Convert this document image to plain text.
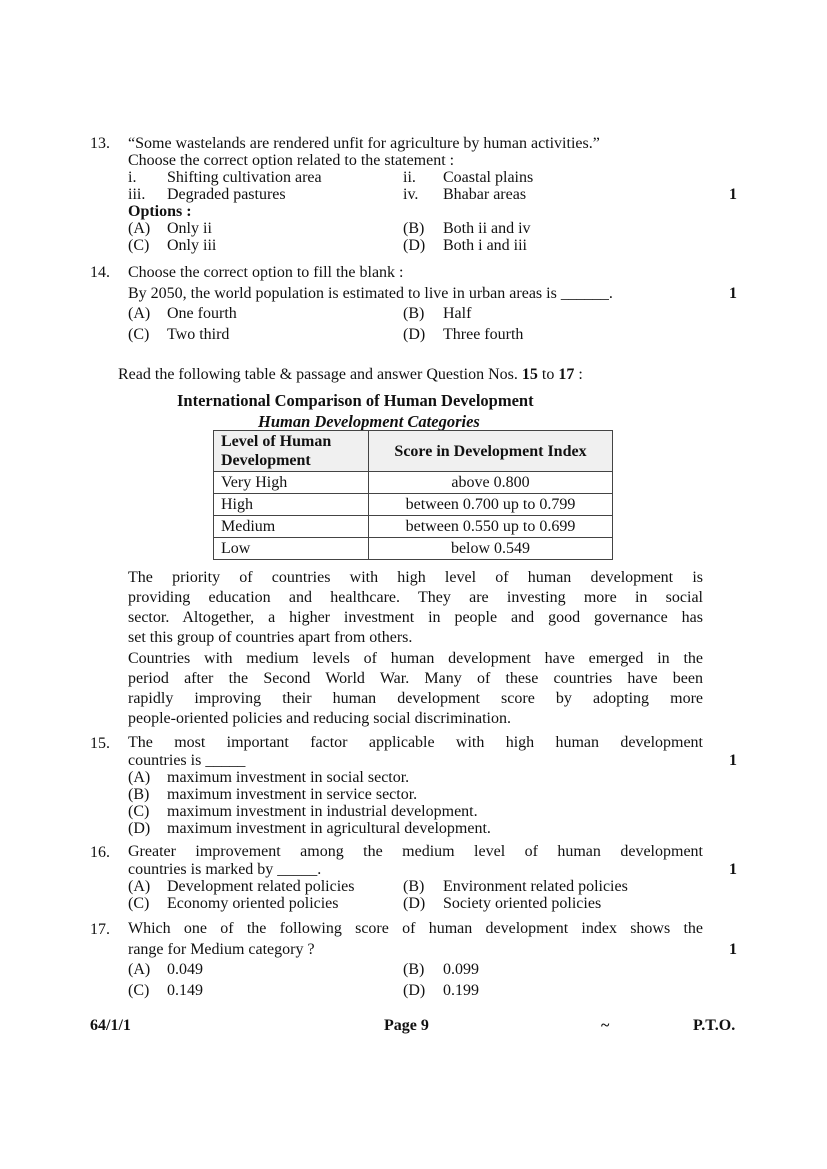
13. “Some wastelands are rendered unfit for agriculture by human activities.”
Choose the correct option related to the statement :
i. Shifting cultivation area	ii. Coastal plains
iii. Degraded pastures	iv. Bhabar areas	1
Options :
(A) Only ii	(B) Both ii and iv
(C) Only iii	(D) Both i and iii
14. Choose the correct option to fill the blank :
By 2050, the world population is estimated to live in urban areas is ______.	1
(A) One fourth	(B) Half
(C) Two third	(D) Three fourth
Read the following table & passage and answer Question Nos. 15 to 17 :
International Comparison of Human Development
Human Development Categories
Level of Human Development	Score in Development Index
Very High	above 0.800
High	between 0.700 up to 0.799
Medium	between 0.550 up to 0.699
Low	below 0.549
The priority of countries with high level of human development is
providing education and healthcare. They are investing more in social
sector. Altogether, a higher investment in people and good governance has
set this group of countries apart from others.
Countries with medium levels of human development have emerged in the
period after the Second World War. Many of these countries have been
rapidly improving their human development score by adopting more
people-oriented policies and reducing social discrimination.
15. The most important factor applicable with high human development
countries is _____	1
(A) maximum investment in social sector.
(B) maximum investment in service sector.
(C) maximum investment in industrial development.
(D) maximum investment in agricultural development.
16. Greater improvement among the medium level of human development
countries is marked by _____.	1
(A) Development related policies	(B) Environment related policies
(C) Economy oriented policies	(D) Society oriented policies
17. Which one of the following score of human development index shows the
range for Medium category ?	1
(A) 0.049	(B) 0.099
(C) 0.149	(D) 0.199
64/1/1	Page 9	~	P.T.O.
